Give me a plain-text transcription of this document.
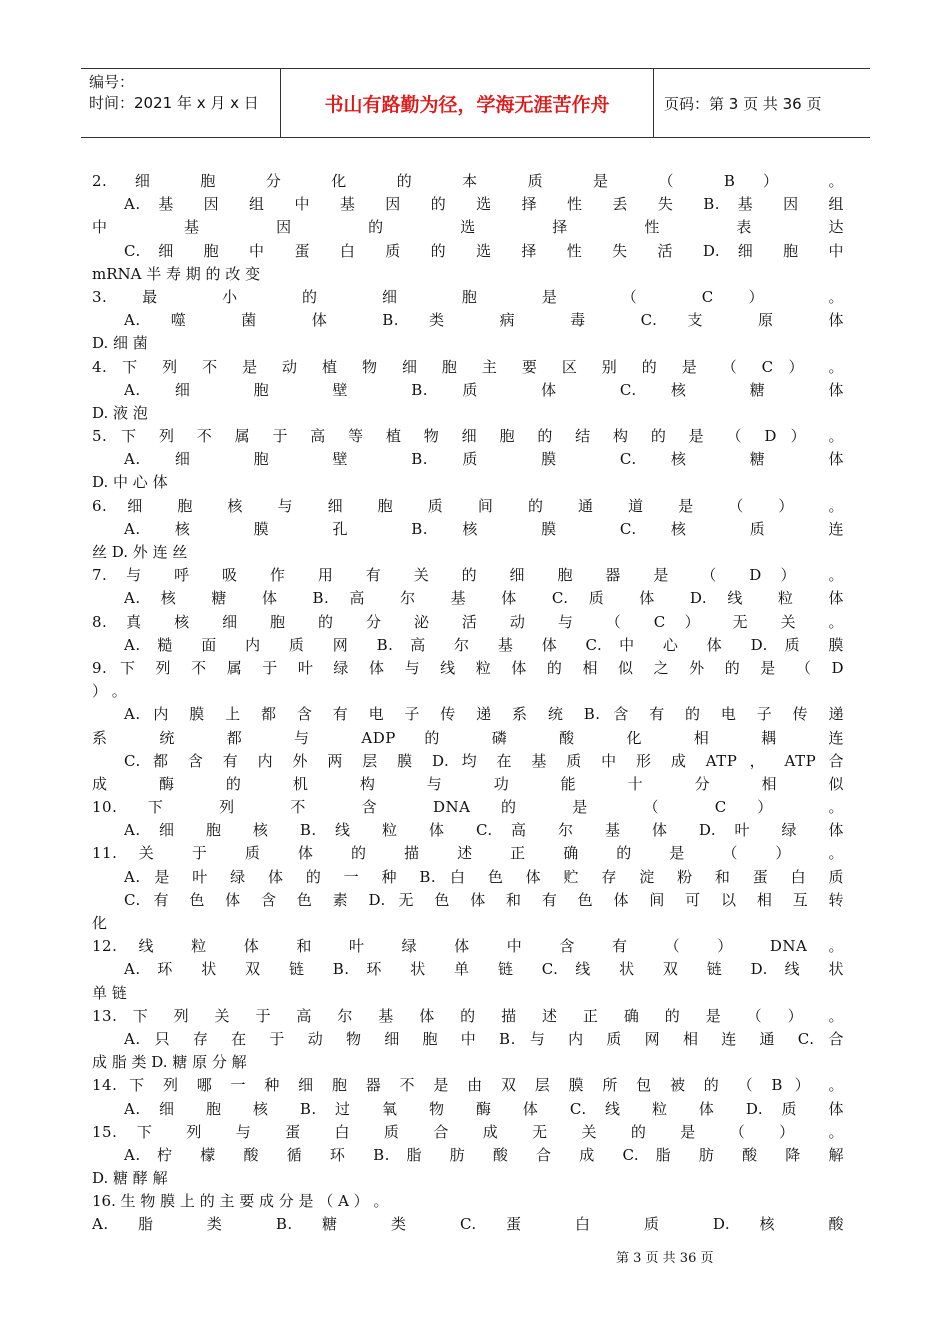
编号：
时间：2021 年 x 月 x 日	书山有路勤为径，学海无涯苦作舟	页码：第 3 页 共 36 页
2. 细 胞 分 化 的 本 质 是 （ B ） 。
A. 基 因 组 中 基 因 的 选 择 性 丢 失 B. 基 因 组
中 基 因 的 选 择 性 表 达
C. 细 胞 中 蛋 白 质 的 选 择 性 失 活 D. 细 胞 中
mRNA 半 寿 期 的 改 变
3. 最 小 的 细 胞 是 （ C ） 。
A. 噬 菌 体 B. 类 病 毒 C. 支 原 体
D. 细 菌
4. 下 列 不 是 动 植 物 细 胞 主 要 区 别 的 是 （ C ） 。
A. 细 胞 壁 B. 质 体 C. 核 糖 体
D. 液 泡
5. 下 列 不 属 于 高 等 植 物 细 胞 的 结 构 的 是 （ D ） 。
A. 细 胞 壁 B. 质 膜 C. 核 糖 体
D. 中 心 体
6. 细 胞 核 与 细 胞 质 间 的 通 道 是 （ ） 。
A. 核 膜 孔 B. 核 膜 C. 核 质 连
丝 D. 外 连 丝
7. 与 呼 吸 作 用 有 关 的 细 胞 器 是 （ D ） 。
A. 核 糖 体 B. 高 尔 基 体 C. 质 体 D. 线 粒 体
8. 真 核 细 胞 的 分 泌 活 动 与 （ C ） 无 关 。
A. 糙 面 内 质 网 B. 高 尔 基 体 C. 中 心 体 D. 质 膜
9. 下 列 不 属 于 叶 绿 体 与 线 粒 体 的 相 似 之 外 的 是 （ D
） 。
A. 内 膜 上 都 含 有 电 子 传 递 系 统 B. 含 有 的 电 子 传 递
系 统 都 与 ADP 的 磷 酸 化 相 耦 连
C. 都 含 有 内 外 两 层 膜 D. 均 在 基 质 中 形 成 ATP ， ATP 合
成 酶 的 机 构 与 功 能 十 分 相 似
10. 下 列 不 含 DNA 的 是 （ C ） 。
A. 细 胞 核 B. 线 粒 体 C. 高 尔 基 体 D. 叶 绿 体
11. 关 于 质 体 的 描 述 正 确 的 是 （ ） 。
A. 是 叶 绿 体 的 一 种 B. 白 色 体 贮 存 淀 粉 和 蛋 白 质
C. 有 色 体 含 色 素 D. 无 色 体 和 有 色 体 间 可 以 相 互 转
化
12. 线 粒 体 和 叶 绿 体 中 含 有 （ ） DNA 。
A. 环 状 双 链 B. 环 状 单 链 C. 线 状 双 链 D. 线 状
单 链
13. 下 列 关 于 高 尔 基 体 的 描 述 正 确 的 是 （ ） 。
A. 只 存 在 于 动 物 细 胞 中 B. 与 内 质 网 相 连 通 C. 合
成 脂 类 D. 糖 原 分 解
14. 下 列 哪 一 种 细 胞 器 不 是 由 双 层 膜 所 包 被 的 （ B ） 。
A. 细 胞 核 B. 过 氧 物 酶 体 C. 线 粒 体 D. 质 体
15. 下 列 与 蛋 白 质 合 成 无 关 的 是 （ ） 。
A. 柠 檬 酸 循 环 B. 脂 肪 酸 合 成 C. 脂 肪 酸 降 解
D. 糖 酵 解
16. 生 物 膜 上 的 主 要 成 分 是 （ A ） 。
A. 脂 类 B. 糖 类 C. 蛋 白 质 D. 核 酸
第 3 页 共 36 页
